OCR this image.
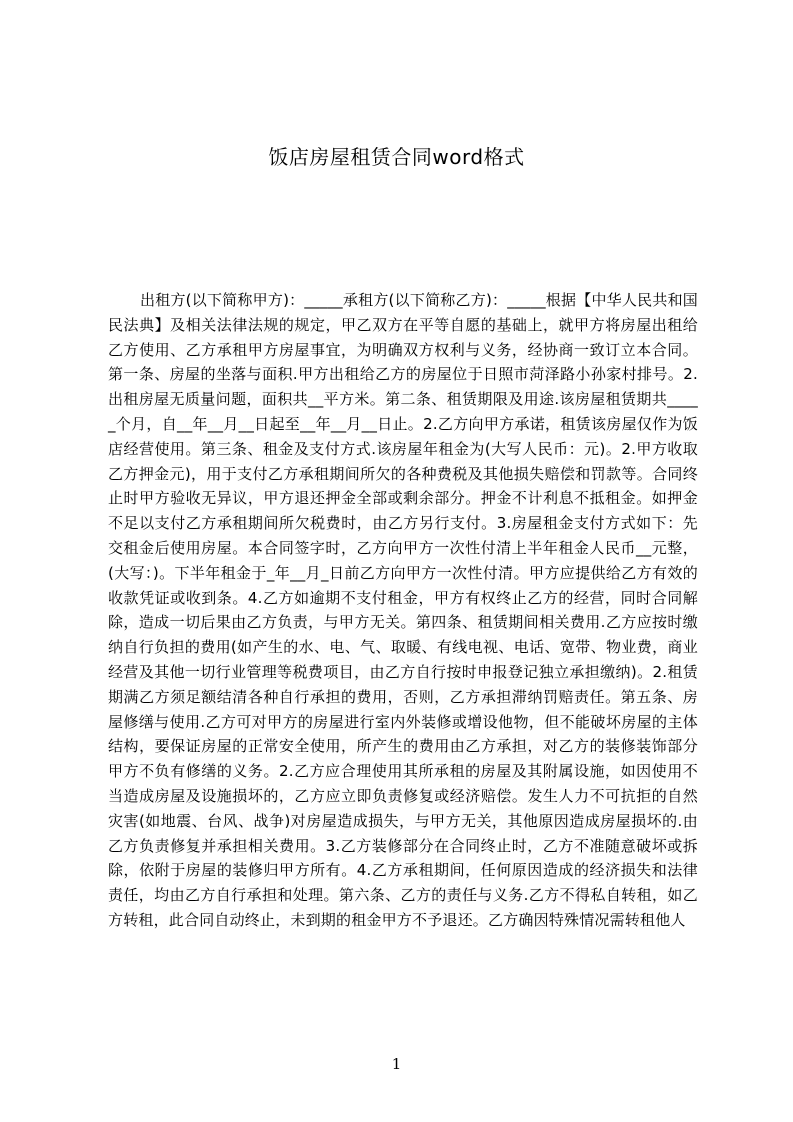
饭店房屋租赁合同word格式
出租方(以下简称甲方)：_____承租方(以下简称乙方)：_____根据【中华人民共和国民法典】及相关法律法规的规定，甲乙双方在平等自愿的基础上，就甲方将房屋出租给乙方使用、乙方承租甲方房屋事宜，为明确双方权利与义务，经协商一致订立本合同。第一条、房屋的坐落与面积.甲方出租给乙方的房屋位于日照市菏泽路小孙家村排号。2.出租房屋无质量问题，面积共__平方米。第二条、租赁期限及用途.该房屋租赁期共_____个月，自__年__月__日起至__年__月__日止。2.乙方向甲方承诺，租赁该房屋仅作为饭店经营使用。第三条、租金及支付方式.该房屋年租金为(大写人民币：元)。2.甲方收取乙方押金元)，用于支付乙方承租期间所欠的各种费税及其他损失赔偿和罚款等。合同终止时甲方验收无异议，甲方退还押金全部或剩余部分。押金不计利息不抵租金。如押金不足以支付乙方承租期间所欠税费时，由乙方另行支付。3.房屋租金支付方式如下：先交租金后使用房屋。本合同签字时，乙方向甲方一次性付清上半年租金人民币__元整，(大写：)。下半年租金于_年__月_日前乙方向甲方一次性付清。甲方应提供给乙方有效的收款凭证或收到条。4.乙方如逾期不支付租金，甲方有权终止乙方的经营，同时合同解除，造成一切后果由乙方负责，与甲方无关。第四条、租赁期间相关费用.乙方应按时缴纳自行负担的费用(如产生的水、电、气、取暖、有线电视、电话、宽带、物业费，商业经营及其他一切行业管理等税费项目，由乙方自行按时申报登记独立承担缴纳)。2.租赁期满乙方须足额结清各种自行承担的费用，否则，乙方承担滞纳罚赔责任。第五条、房屋修缮与使用.乙方可对甲方的房屋进行室内外装修或增设他物，但不能破坏房屋的主体结构，要保证房屋的正常安全使用，所产生的费用由乙方承担，对乙方的装修装饰部分甲方不负有修缮的义务。2.乙方应合理使用其所承租的房屋及其附属设施，如因使用不当造成房屋及设施损坏的，乙方应立即负责修复或经济赔偿。发生人力不可抗拒的自然灾害(如地震、台风、战争)对房屋造成损失，与甲方无关，其他原因造成房屋损坏的.由乙方负责修复并承担相关费用。3.乙方装修部分在合同终止时，乙方不准随意破坏或拆除，依附于房屋的装修归甲方所有。4.乙方承租期间，任何原因造成的经济损失和法律责任，均由乙方自行承担和处理。第六条、乙方的责任与义务.乙方不得私自转租，如乙方转租，此合同自动终止，未到期的租金甲方不予退还。乙方确因特殊情况需转租他人
1
